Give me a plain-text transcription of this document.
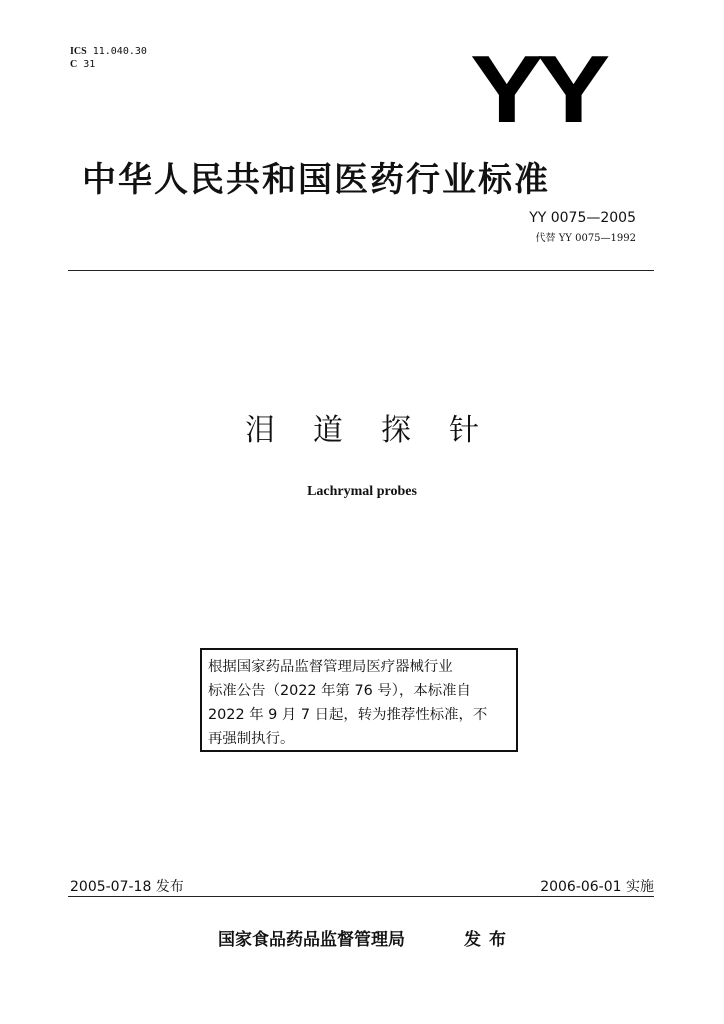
ICS 11.040.30
C 31	YY
中华人民共和国医药行业标准
YY 0075—2005
代替 YY 0075—1992
泪道探针
Lachrymal probes
根据国家药品监督管理局医疗器械行业
标准公告（2022 年第 76 号），本标准自
2022 年 9 月 7 日起，转为推荐性标准，不
再强制执行。
2005-07-18 发布	2006-06-01 实施
国家食品药品监督管理局	发布
